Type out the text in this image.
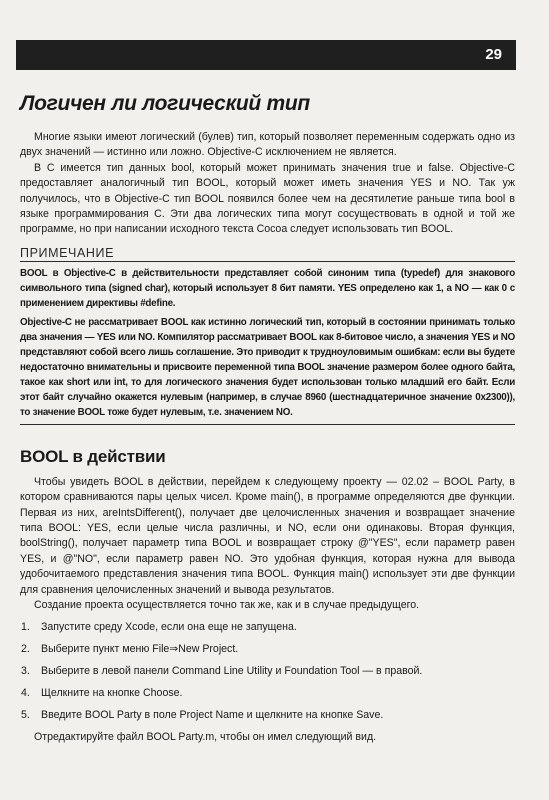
29
Логичен ли логический тип

Многие языки имеют логический (булев) тип, который позволяет переменным содержать одно из двух значений — истинно или ложно. Objective-C исключением не является.

В С имеется тип данных bool, который может принимать значения true и false. Objective-C предоставляет аналогичный тип BOOL, который может иметь значения YES и NO. Так уж получилось, что в Objective-C тип BOOL появился более чем на десятилетие раньше типа bool в языке программирования С. Эти два логических типа могут сосуществовать в одной и той же программе, но при написании исходного текста Cocoa следует использовать тип BOOL.

ПРИМЕЧАНИЕ

BOOL в Objective-C в действительности представляет собой синоним типа (typedef) для знакового символьного типа (signed char), который использует 8 бит памяти. YES определено как 1, а NO — как 0 с применением директивы #define.

Objective-C не рассматривает BOOL как истинно логический тип, который в состоянии принимать только два значения — YES или NO. Компилятор рассматривает BOOL как 8-битовое число, а значения YES и NO представляют собой всего лишь соглашение. Это приводит к трудноуловимым ошибкам: если вы будете недостаточно внимательны и присвоите переменной типа BOOL значение размером более одного байта, такое как short или int, то для логического значения будет использован только младший его байт. Если этот байт случайно окажется нулевым (например, в случае 8960 (шестнадцатеричное значение 0x2300)), то значение BOOL тоже будет нулевым, т.е. значением NO.

BOOL в действии

Чтобы увидеть BOOL в действии, перейдем к следующему проекту — 02.02 – BOOL Party, в котором сравниваются пары целых чисел. Кроме main(), в программе определяются две функции. Первая из них, areIntsDifferent(), получает две целочисленных значения и возвращает значение типа BOOL: YES, если целые числа различны, и NO, если они одинаковы. Вторая функция, boolString(), получает параметр типа BOOL и возвращает строку @"YES", если параметр равен YES, и @"NO", если параметр равен NO. Это удобная функция, которая нужна для вывода удобочитаемого представления значения типа BOOL. Функция main() использует эти две функции для сравнения целочисленных значений и вывода результатов.

Создание проекта осуществляется точно так же, как и в случае предыдущего.

1.	Запустите среду Xcode, если она еще не запущена.
2.	Выберите пункт меню File⇒New Project.
3.	Выберите в левой панели Command Line Utility и Foundation Tool — в правой.
4.	Щелкните на кнопке Choose.
5.	Введите BOOL Party в поле Project Name и щелкните на кнопке Save.

Отредактируйте файл BOOL Party.m, чтобы он имел следующий вид.
